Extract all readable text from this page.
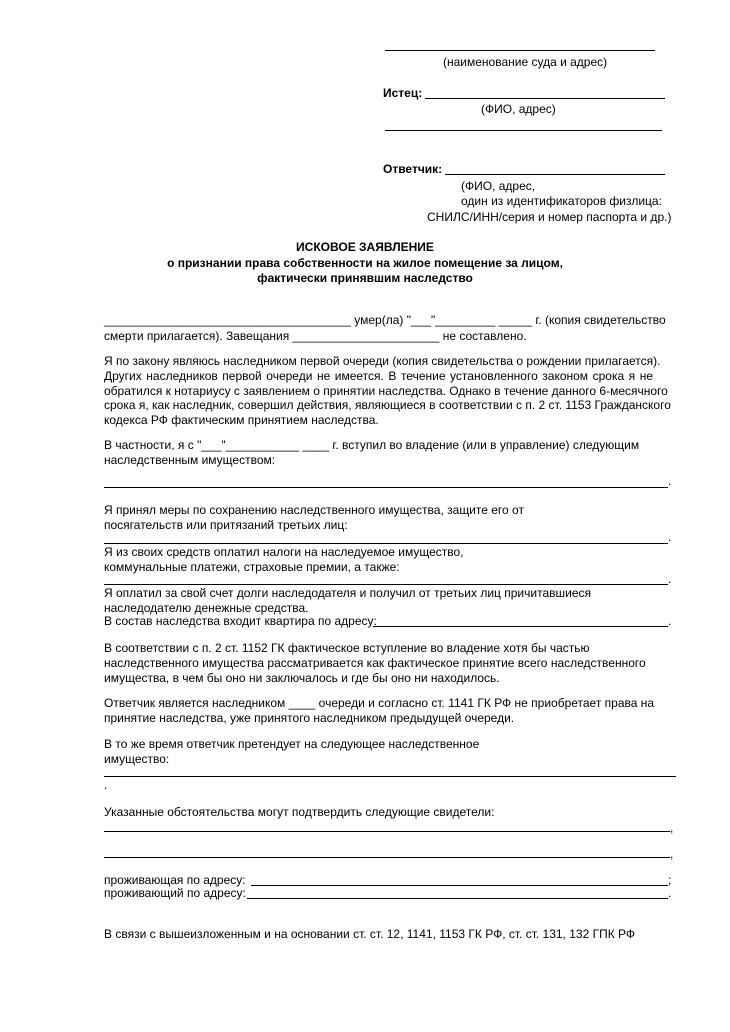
(наименование суда и адрес)
Истец:
(ФИО, адрес)
Ответчик:
(ФИО, адрес,
один из идентификаторов физлица:
СНИЛС/ИНН/серия и номер паспорта и др.)
ИСКОВОЕ ЗАЯВЛЕНИЕ
о признании права собственности на жилое помещение за лицом,
фактически принявшим наследство
_____________________________________ умер(ла) "___"_________ _____ г. (копия свидетельство
смерти прилагается). Завещания ______________________ не составлено.
Я по закону являюсь наследником первой очереди (копия свидетельства о рождении прилагается).
Других наследников первой очереди не имеется. В течение установленного законом срока я не
обратился к нотариусу с заявлением о принятии наследства. Однако в течение данного 6-месячного
срока я, как наследник, совершил действия, являющиеся в соответствии с п. 2 ст. 1153 Гражданского
кодекса РФ фактическим принятием наследства.
В частности, я с "___"___________ ____ г. вступил во владение (или в управление) следующим
наследственным имуществом:
.
Я принял меры по сохранению наследственного имущества, защите его от
посягательств или притязаний третьих лиц:
.
Я из своих средств оплатил налоги на наследуемое имущество,
коммунальные платежи, страховые премии, а также:
.
Я оплатил за свой счет долги наследодателя и получил от третьих лиц причитавшиеся
наследодателю денежные средства.
В состав наследства входит квартира по адресу:	.
В соответствии с п. 2 ст. 1152 ГК фактическое вступление во владение хотя бы частью
наследственного имущества рассматривается как фактическое принятие всего наследственного
имущества, в чем бы оно ни заключалось и где бы оно ни находилось.
Ответчик является наследником ____ очереди и согласно ст. 1141 ГК РФ не приобретает права на
принятие наследства, уже принятого наследником предыдущей очереди.
В то же время ответчик претендует на следующее наследственное
имущество:
.
Указанные обстоятельства могут подтвердить следующие свидетели:
,
,
проживающая по адресу:	;
проживающий по адресу:	.
В связи с вышеизложенным и на основании ст. ст. 12, 1141, 1153 ГК РФ, ст. ст. 131, 132 ГПК РФ
